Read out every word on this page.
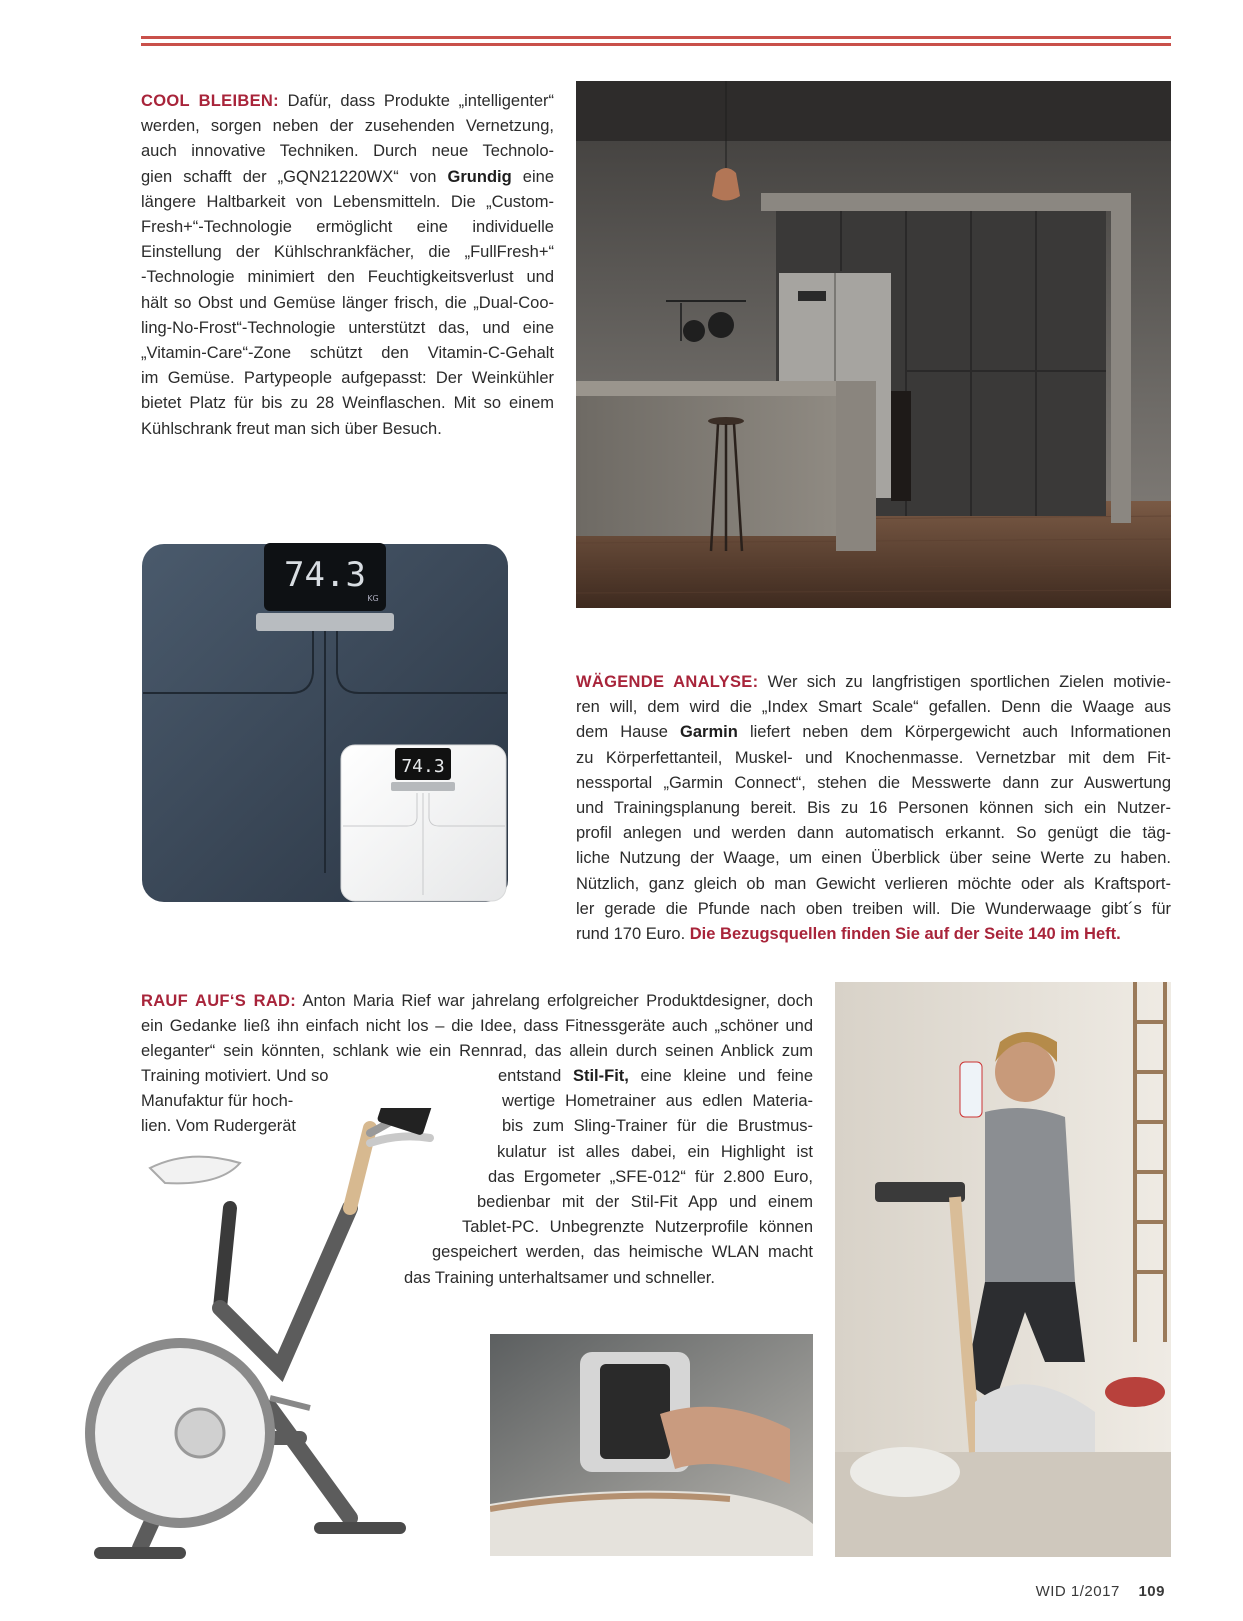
COOL BLEIBEN: Dafür, dass Produkte „intelligenter“
werden, sorgen neben der zusehenden Vernetzung,
auch innovative Techniken. Durch neue Technolo-
gien schafft der „GQN21220WX“ von Grundig eine
längere Haltbarkeit von Lebensmitteln. Die „Custom-
Fresh+“-Technologie ermöglicht eine individuelle
Einstellung der Kühlschrankfächer, die „FullFresh+“
-Technologie minimiert den Feuchtigkeitsverlust und
hält so Obst und Gemüse länger frisch, die „Dual-Coo-
ling-No-Frost“-Technologie unterstützt das, und eine
„Vitamin-Care“-Zone schützt den Vitamin-C-Gehalt
im Gemüse. Partypeople aufgepasst: Der Weinkühler
bietet Platz für bis zu 28 Weinflaschen. Mit so einem
Kühlschrank freut man sich über Besuch.
74.3
KG
74.3
WÄGENDE ANALYSE: Wer sich zu langfristigen sportlichen Zielen motivie-
ren will, dem wird die „Index Smart Scale“ gefallen. Denn die Waage aus
dem Hause Garmin liefert neben dem Körpergewicht auch Informationen
zu Körperfettanteil, Muskel- und Knochenmasse. Vernetzbar mit dem Fit-
nessportal „Garmin Connect“, stehen die Messwerte dann zur Auswertung
und Trainingsplanung bereit. Bis zu 16 Personen können sich ein Nutzer-
profil anlegen und werden dann automatisch erkannt. So genügt die täg-
liche Nutzung der Waage, um einen Überblick über seine Werte zu haben.
Nützlich, ganz gleich ob man Gewicht verlieren möchte oder als Kraftsport-
ler gerade die Pfunde nach oben treiben will. Die Wunderwaage gibt´s für
rund 170 Euro. Die Bezugsquellen finden Sie auf der Seite 140 im Heft.
RAUF AUF‘S RAD: Anton Maria Rief war jahrelang erfolgreicher Produktdesigner, doch
ein Gedanke ließ ihn einfach nicht los – die Idee, dass Fitnessgeräte auch „schöner und
eleganter“ sein könnten, schlank wie ein Rennrad, das allein durch seinen Anblick zum
Training motiviert. Und so
Manufaktur für hoch-
lien. Vom Rudergerät
entstand Stil-Fit, eine kleine und feine
wertige Hometrainer aus edlen Materia-
bis zum Sling-Trainer für die Brustmus-
kulatur ist alles dabei, ein Highlight ist
das Ergometer „SFE-012“ für 2.800 Euro,
bedienbar mit der Stil-Fit App und einem
Tablet-PC. Unbegrenzte Nutzerprofile können
gespeichert werden, das heimische WLAN macht
das Training unterhaltsamer und schneller.
WID 1/2017 109
